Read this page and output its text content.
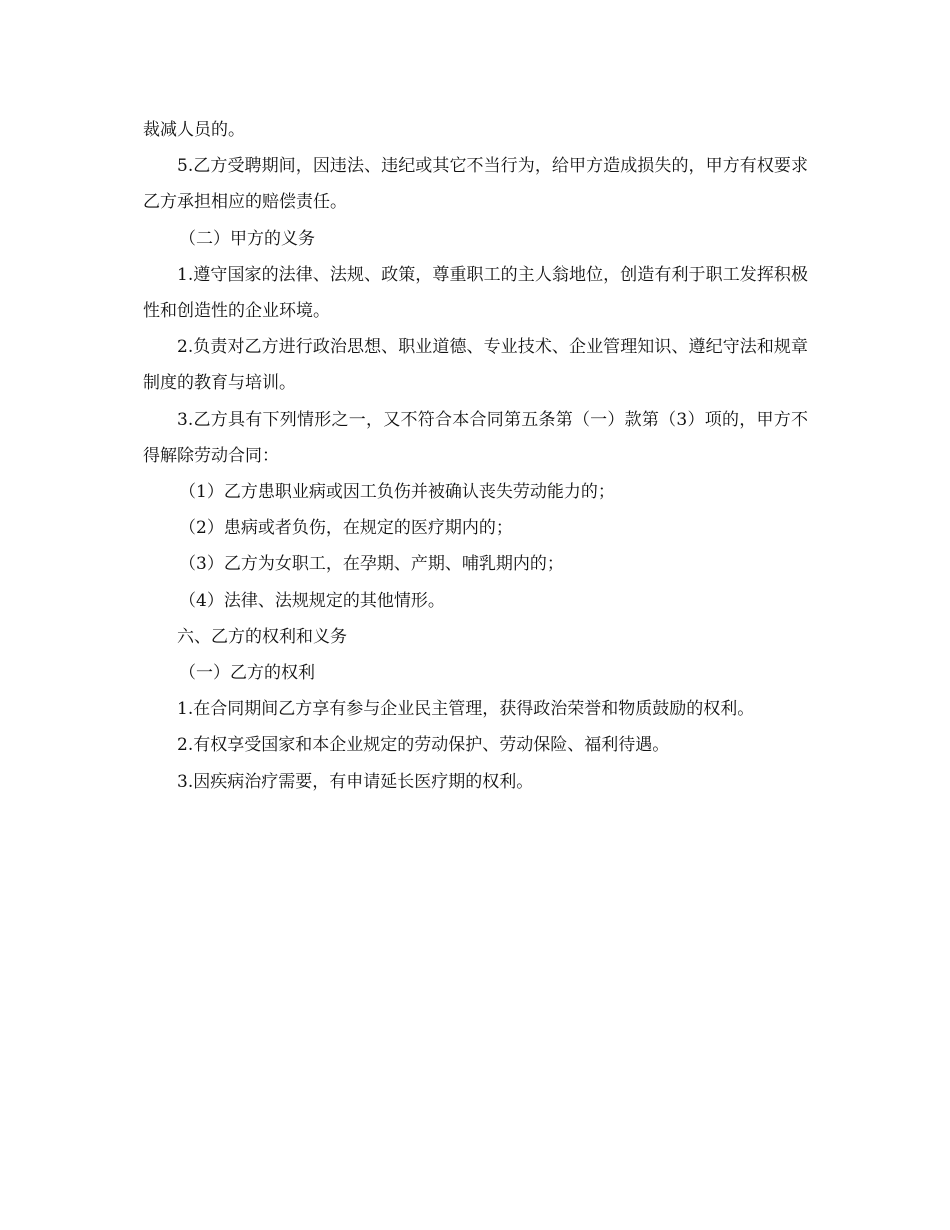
裁减人员的。

5.乙方受聘期间，因违法、违纪或其它不当行为，给甲方造成损失的，甲方有权要求乙方承担相应的赔偿责任。

（二）甲方的义务

1.遵守国家的法律、法规、政策，尊重职工的主人翁地位，创造有利于职工发挥积极性和创造性的企业环境。

2.负责对乙方进行政治思想、职业道德、专业技术、企业管理知识、遵纪守法和规章制度的教育与培训。

3.乙方具有下列情形之一，又不符合本合同第五条第（一）款第（3）项的，甲方不得解除劳动合同：

（1）乙方患职业病或因工负伤并被确认丧失劳动能力的；

（2）患病或者负伤，在规定的医疗期内的；

（3）乙方为女职工，在孕期、产期、哺乳期内的；

（4）法律、法规规定的其他情形。

六、乙方的权利和义务

（一）乙方的权利

1.在合同期间乙方享有参与企业民主管理，获得政治荣誉和物质鼓励的权利。

2.有权享受国家和本企业规定的劳动保护、劳动保险、福利待遇。

3.因疾病治疗需要，有申请延长医疗期的权利。
